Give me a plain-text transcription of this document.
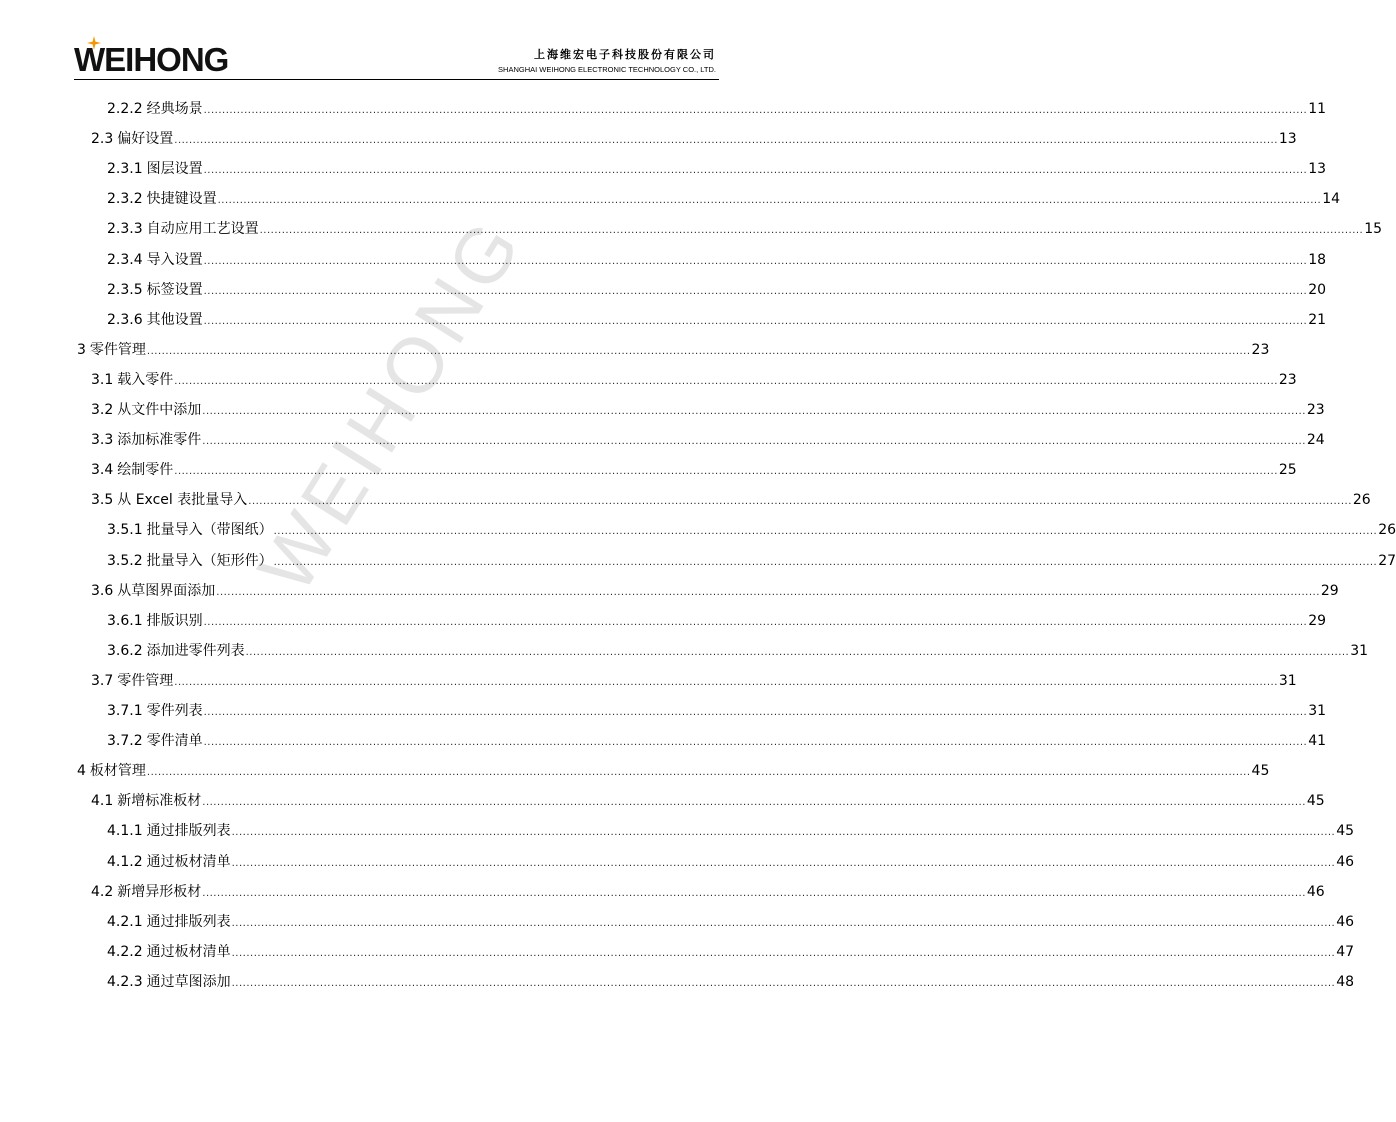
WEIHONG	上海维宏电子科技股份有限公司
SHANGHAI WEIHONG ELECTRONIC TECHNOLOGY CO., LTD.
WEIHONG
2.2.2 经典场景 ............................................................................................................................................................................................................................................................................................................ 11
2.3 偏好设置 ............................................................................................................................................................................................................................................................................................................ 13
2.3.1 图层设置 ............................................................................................................................................................................................................................................................................................................ 13
2.3.2 快捷键设置 ............................................................................................................................................................................................................................................................................................................ 14
2.3.3 自动应用工艺设置 ............................................................................................................................................................................................................................................................................................................ 15
2.3.4 导入设置 ............................................................................................................................................................................................................................................................................................................ 18
2.3.5 标签设置 ............................................................................................................................................................................................................................................................................................................ 20
2.3.6 其他设置 ............................................................................................................................................................................................................................................................................................................ 21
3 零件管理 ............................................................................................................................................................................................................................................................................................................ 23
3.1 载入零件 ............................................................................................................................................................................................................................................................................................................ 23
3.2 从文件中添加 ............................................................................................................................................................................................................................................................................................................ 23
3.3 添加标准零件 ............................................................................................................................................................................................................................................................................................................ 24
3.4 绘制零件 ............................................................................................................................................................................................................................................................................................................ 25
3.5 从 Excel 表批量导入 ............................................................................................................................................................................................................................................................................................................ 26
3.5.1 批量导入（带图纸） ............................................................................................................................................................................................................................................................................................................ 26
3.5.2 批量导入（矩形件） ............................................................................................................................................................................................................................................................................................................ 27
3.6 从草图界面添加 ............................................................................................................................................................................................................................................................................................................ 29
3.6.1 排版识别 ............................................................................................................................................................................................................................................................................................................ 29
3.6.2 添加进零件列表 ............................................................................................................................................................................................................................................................................................................ 31
3.7 零件管理 ............................................................................................................................................................................................................................................................................................................ 31
3.7.1 零件列表 ............................................................................................................................................................................................................................................................................................................ 31
3.7.2 零件清单 ............................................................................................................................................................................................................................................................................................................ 41
4 板材管理 ............................................................................................................................................................................................................................................................................................................ 45
4.1 新增标准板材 ............................................................................................................................................................................................................................................................................................................ 45
4.1.1 通过排版列表 ............................................................................................................................................................................................................................................................................................................ 45
4.1.2 通过板材清单 ............................................................................................................................................................................................................................................................................................................ 46
4.2 新增异形板材 ............................................................................................................................................................................................................................................................................................................ 46
4.2.1 通过排版列表 ............................................................................................................................................................................................................................................................................................................ 46
4.2.2 通过板材清单 ............................................................................................................................................................................................................................................................................................................ 47
4.2.3 通过草图添加 ............................................................................................................................................................................................................................................................................................................ 48
